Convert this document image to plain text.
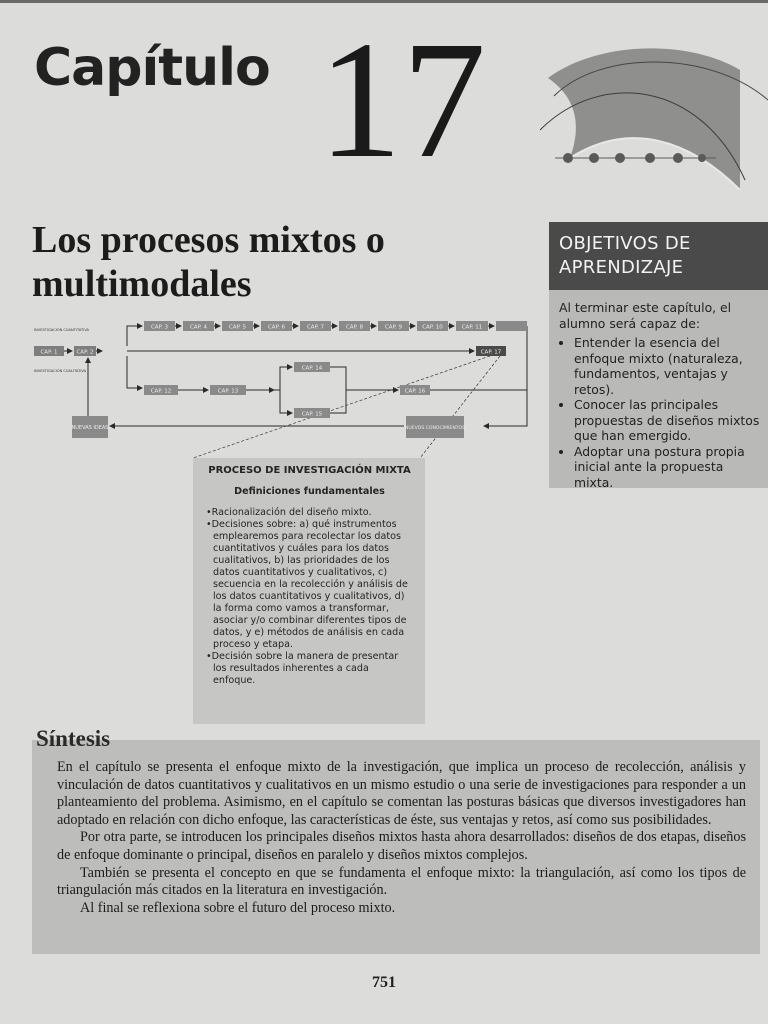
Capítulo 17
Los procesos mixtos o
multimodales
OBJETIVOS DE
APRENDIZAJE
Al terminar este capítulo, el alumno será capaz de:
• Entender la esencia del enfoque mixto (naturaleza, fundamentos, ventajas y retos).
• Conocer las principales propuestas de diseños mixtos que han emergido.
• Adoptar una postura propia inicial ante la propuesta mixta.
INVESTIGACIÓN CUANTITATIVA
INVESTIGACIÓN CUALITATIVA
CAP. 1	CAP. 2
CAP. 3	CAP. 4	CAP. 5	CAP. 6	CAP. 7	CAP. 8	CAP. 9	CAP. 10	CAP. 11
CAP. 17
CAP. 12	CAP. 13
CAP. 14
CAP. 15
CAP. 16
NUEVAS IDEAS	NUEVOS CONOCIMIENTOS
PROCESO DE INVESTIGACIÓN MIXTA
Definiciones fundamentales
• Racionalización del diseño mixto.
• Decisiones sobre: a) qué instrumentos emplearemos para recolectar los datos cuantitativos y cuáles para los datos cualitativos, b) las prioridades de los datos cuantitativos y cualitativos, c) secuencia en la recolección y análisis de los datos cuantitativos y cualitativos, d) la forma como vamos a transformar, asociar y/o combinar diferentes tipos de datos, y e) métodos de análisis en cada proceso y etapa.
• Decisión sobre la manera de presentar los resultados inherentes a cada enfoque.

En el capítulo se presenta el enfoque mixto de la investigación, que implica un proceso de recolección, análisis y vinculación de datos cuantitativos y cualitativos en un mismo estudio o una serie de investigaciones para responder a un planteamiento del problema. Asimismo, en el capítulo se comentan las posturas básicas que diversos investigadores han adoptado en relación con dicho enfoque, las características de éste, sus ventajas y retos, así como sus posibilidades.

Por otra parte, se introducen los principales diseños mixtos hasta ahora desarrollados: diseños de dos etapas, diseños de enfoque dominante o principal, diseños en paralelo y diseños mixtos complejos.

También se presenta el concepto en que se fundamenta el enfoque mixto: la triangulación, así como los tipos de triangulación más citados en la literatura en investigación.

Al final se reflexiona sobre el futuro del proceso mixto.

Síntesis
751
